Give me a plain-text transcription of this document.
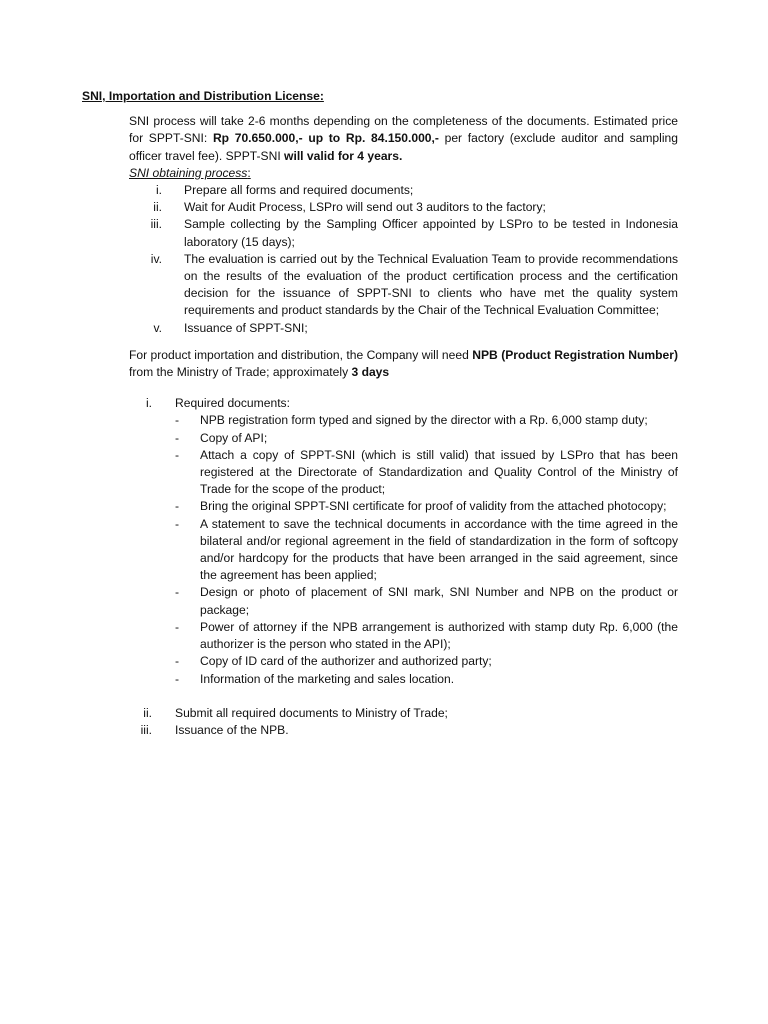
SNI, Importation and Distribution License:

SNI process will take 2-6 months depending on the completeness of the documents. Estimated price for SPPT-SNI: Rp 70.650.000,- up to Rp. 84.150.000,- per factory (exclude auditor and sampling officer travel fee). SPPT-SNI will valid for 4 years.

SNI obtaining process:

i. Prepare all forms and required documents;
ii. Wait for Audit Process, LSPro will send out 3 auditors to the factory;
iii. Sample collecting by the Sampling Officer appointed by LSPro to be tested in Indonesia laboratory (15 days);
iv. The evaluation is carried out by the Technical Evaluation Team to provide recommendations on the results of the evaluation of the product certification process and the certification decision for the issuance of SPPT-SNI to clients who have met the quality system requirements and product standards by the Chair of the Technical Evaluation Committee;
v. Issuance of SPPT-SNI;

For product importation and distribution, the Company will need NPB (Product Registration Number) from the Ministry of Trade; approximately 3 days

i. Required documents:
- NPB registration form typed and signed by the director with a Rp. 6,000 stamp duty;
- Copy of API;
- Attach a copy of SPPT-SNI (which is still valid) that issued by LSPro that has been registered at the Directorate of Standardization and Quality Control of the Ministry of Trade for the scope of the product;
- Bring the original SPPT-SNI certificate for proof of validity from the attached photocopy;
- A statement to save the technical documents in accordance with the time agreed in the bilateral and/or regional agreement in the field of standardization in the form of softcopy and/or hardcopy for the products that have been arranged in the said agreement, since the agreement has been applied;
- Design or photo of placement of SNI mark, SNI Number and NPB on the product or package;
- Power of attorney if the NPB arrangement is authorized with stamp duty Rp. 6,000 (the authorizer is the person who stated in the API);
- Copy of ID card of the authorizer and authorized party;
- Information of the marketing and sales location.
ii. Submit all required documents to Ministry of Trade;
iii. Issuance of the NPB.
